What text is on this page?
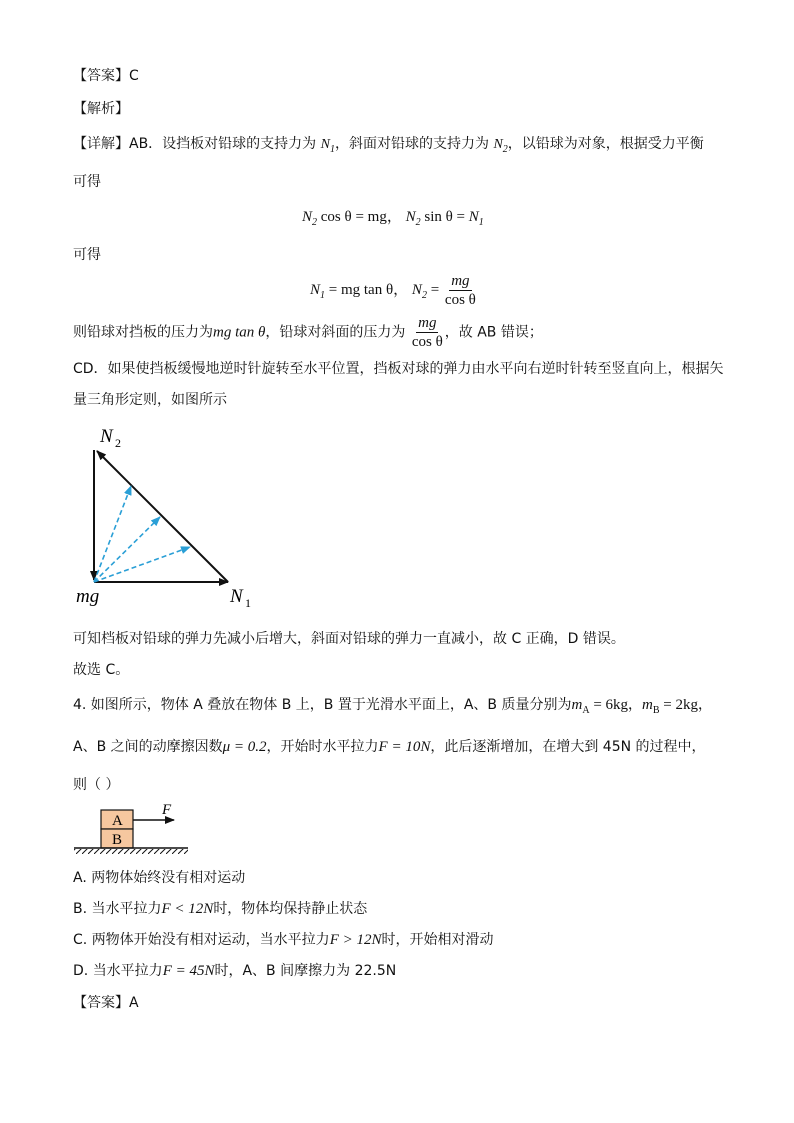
【答案】C
【解析】
【详解】AB．设挡板对铅球的支持力为 $N_1$，斜面对铅球的支持力为 $N_2$，以铅球为对象，根据受力平衡
可得
$N_2$ cos θ = mg， $N_2$ $\sin \theta = N_1$
可得
$N_1$ = mg tan θ， $N_2 = \frac{mg}{\text{cos θ}}$
则铅球对挡板的压力为mg tan θ，铅球对斜面的压力为 $\frac{mg}{\text{cos θ}}$ ，故 AB 错误；
CD．如果使挡板缓慢地逆时针旋转至水平位置，挡板对球的弹力由水平向右逆时针转至竖直向上，根据矢
量三角形定则，如图所示
N 2
mg	N 1
可知档板对铅球的弹力先减小后增大，斜面对铅球的弹力一直减小，故 C 正确，D 错误。
故选 C。
4. 如图所示，物体 A 叠放在物体 B 上，B 置于光滑水平面上，A、B 质量分别为$m_A = 6kg$，$m_B = 2kg$，
A、B 之间的动摩擦因数μ = 0.2，开始时水平拉力F = 10N，此后逐渐增加，在增大到 45N 的过程中，
则（ ）
A
B
F
A. 两物体始终没有相对运动
B. 当水平拉力F < 12N时，物体均保持静止状态
C. 两物体开始没有相对运动，当水平拉力F > 12N时，开始相对滑动
D. 当水平拉力F = 45N时，A、B 间摩擦力为 22.5N
【答案】A
